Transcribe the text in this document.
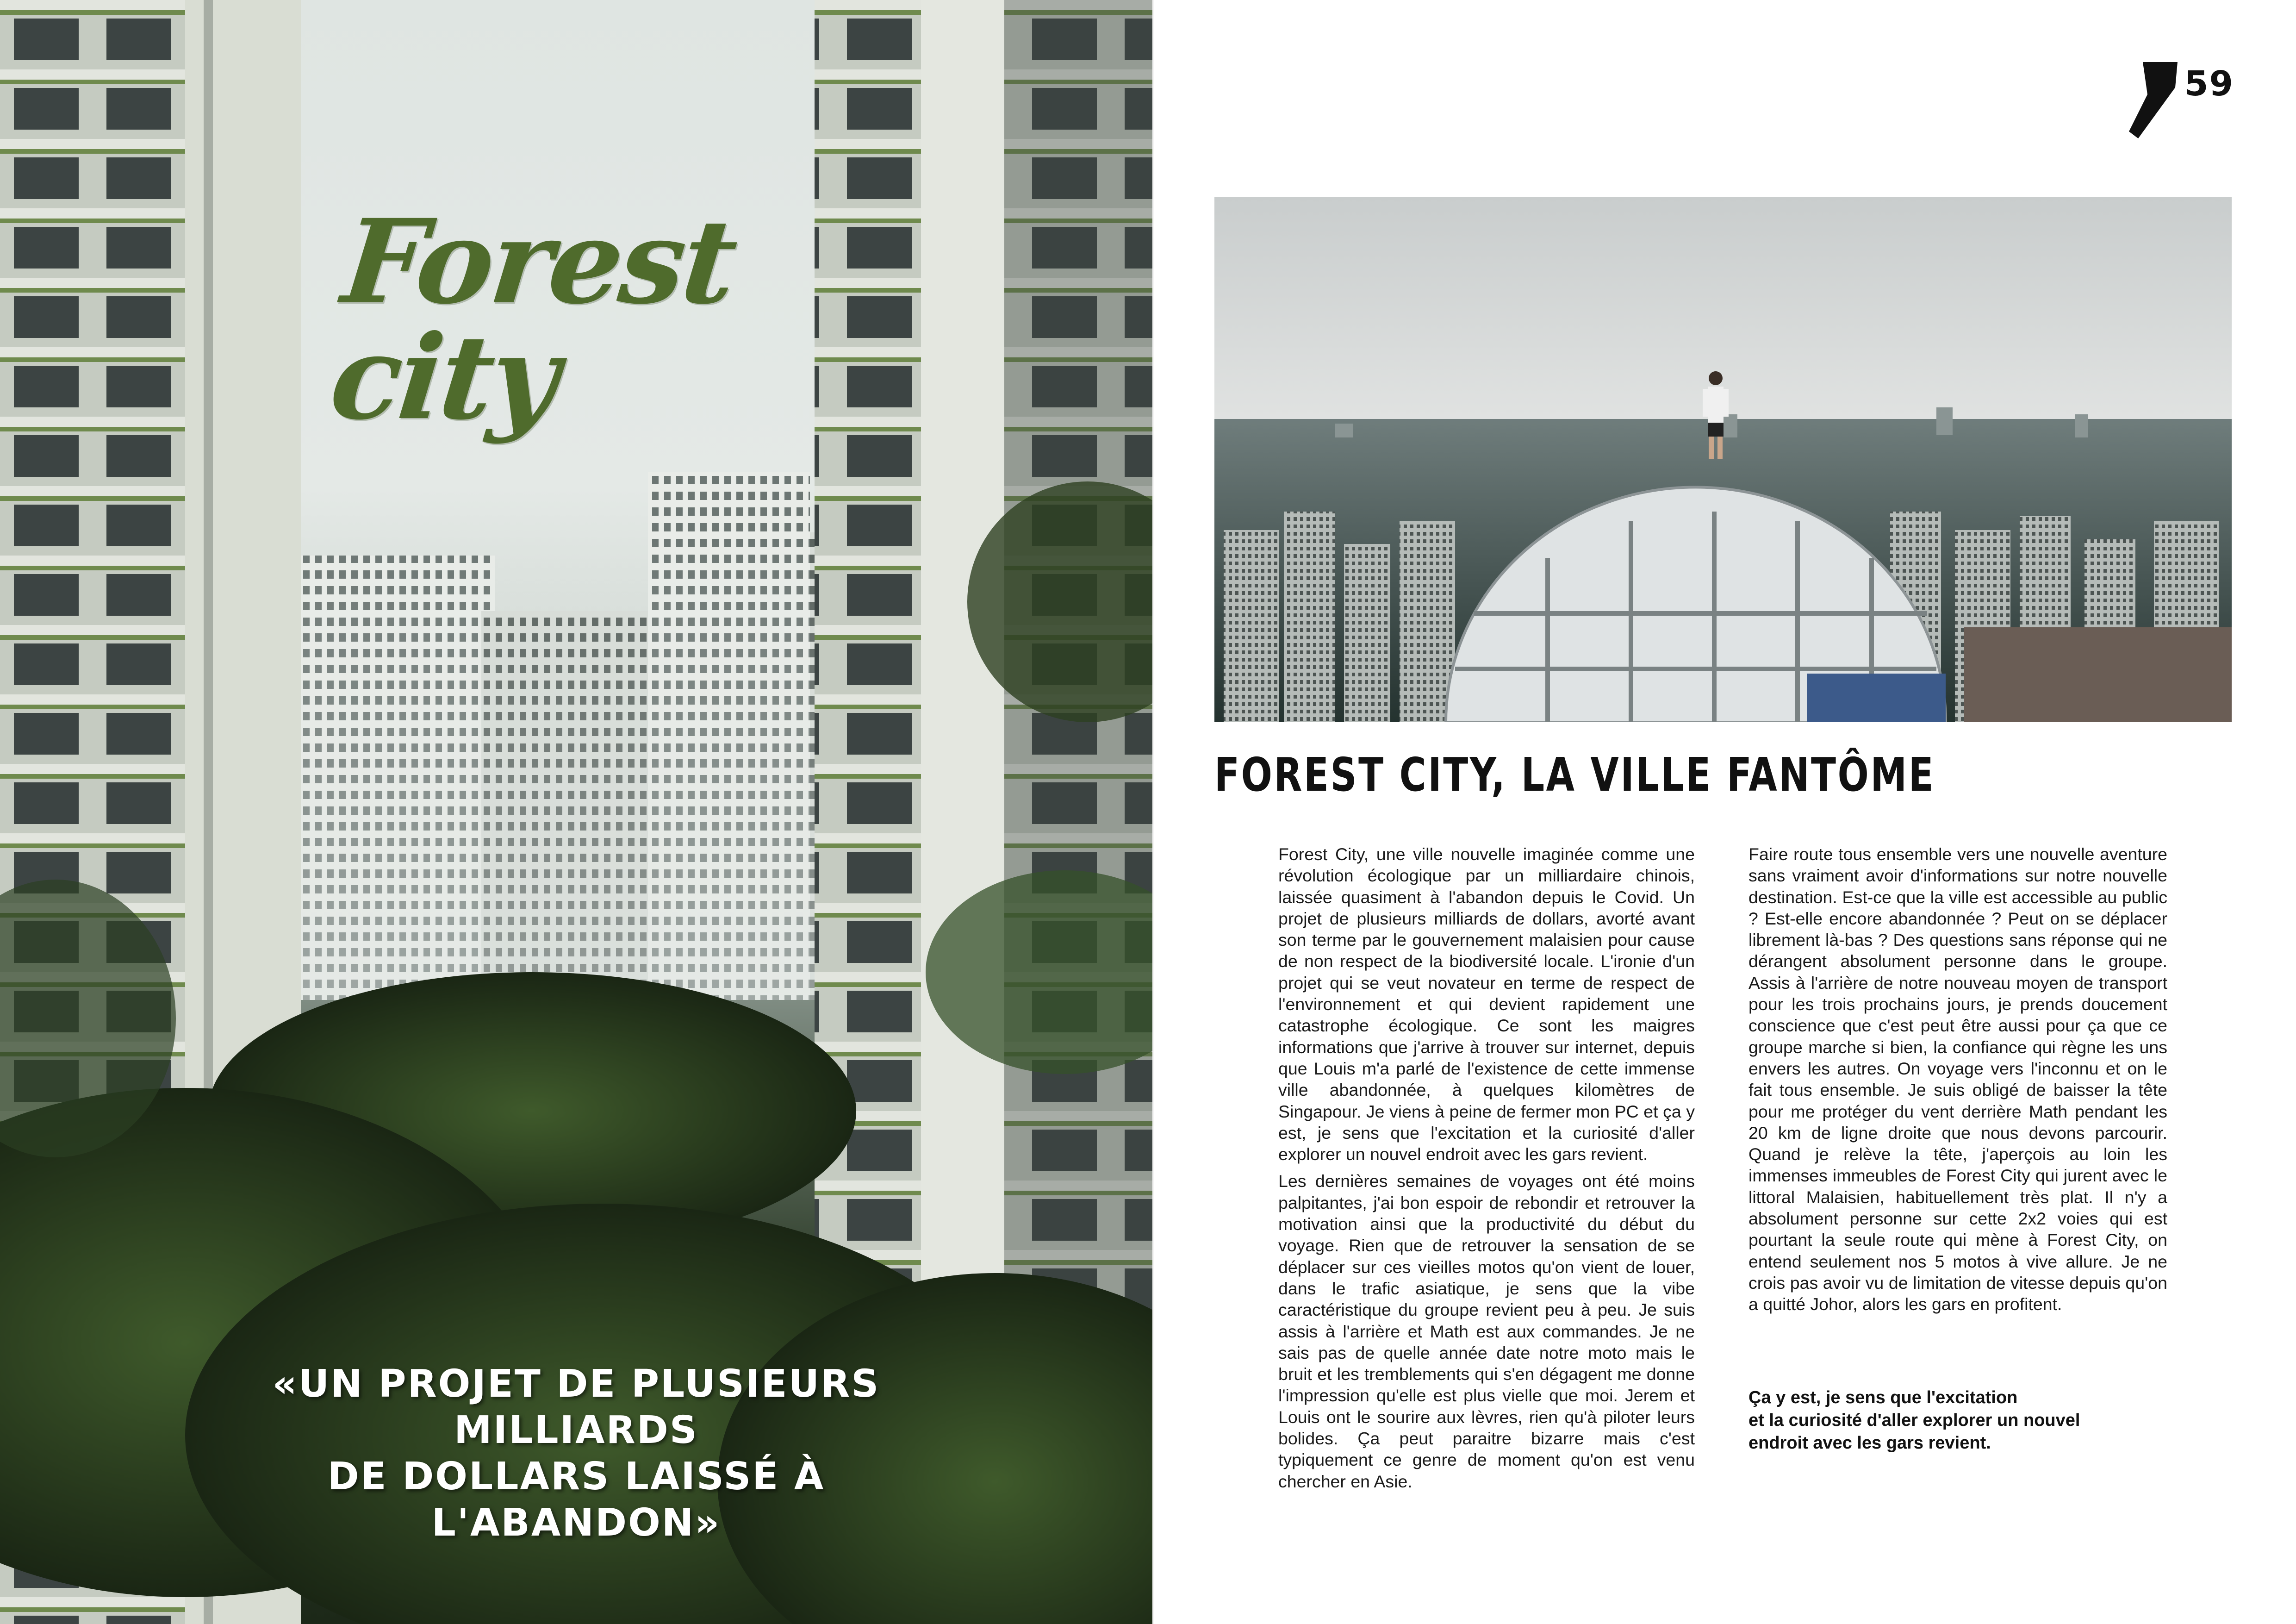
Forest city
«UN PROJET DE PLUSIEURS MILLIARDS
DE DOLLARS LAISSÉ À L'ABANDON»
59
FOREST CITY, LA VILLE FANTÔME

Forest City, une ville nouvelle imaginée comme une révolution écologique par un milliardaire chinois, laissée quasiment à l'abandon depuis le Covid. Un projet de plusieurs milliards de dollars, avorté avant son terme par le gouvernement malaisien pour cause de non respect de la biodiversité locale. L'ironie d'un projet qui se veut novateur en terme de respect de l'environnement et qui devient rapidement une catastrophe écologique. Ce sont les maigres informations que j'arrive à trouver sur internet, depuis que Louis m'a parlé de l'existence de cette immense ville abandonnée, à quelques kilomètres de Singapour. Je viens à peine de fermer mon PC et ça y est, je sens que l'excitation et la curiosité d'aller explorer un nouvel endroit avec les gars revient.

Les dernières semaines de voyages ont été moins palpitantes, j'ai bon espoir de rebondir et retrouver la motivation ainsi que la productivité du début du voyage. Rien que de retrouver la sensation de se déplacer sur ces vieilles motos qu'on vient de louer, dans le trafic asiatique, je sens que la vibe caractéristique du groupe revient peu à peu. Je suis assis à l'arrière et Math est aux commandes. Je ne sais pas de quelle année date notre moto mais le bruit et les tremblements qui s'en dégagent me donne l'impression qu'elle est plus vielle que moi. Jerem et Louis ont le sourire aux lèvres, rien qu'à piloter leurs bolides. Ça peut paraitre bizarre mais c'est typiquement ce genre de moment qu'on est venu chercher en Asie.

Faire route tous ensemble vers une nouvelle aventure sans vraiment avoir d'informations sur notre nouvelle destination. Est-ce que la ville est accessible au public ? Est-elle encore abandonnée ? Peut on se déplacer librement là-bas ? Des questions sans réponse qui ne dérangent absolument personne dans le groupe. Assis à l'arrière de notre nouveau moyen de transport pour les trois prochains jours, je prends doucement conscience que c'est peut être aussi pour ça que ce groupe marche si bien, la confiance qui règne les uns envers les autres. On voyage vers l'inconnu et on le fait tous ensemble. Je suis obligé de baisser la tête pour me protéger du vent derrière Math pendant les 20 km de ligne droite que nous devons parcourir. Quand je relève la tête, j'aperçois au loin les immenses immeubles de Forest City qui jurent avec le littoral Malaisien, habituellement très plat. Il n'y a absolument personne sur cette 2x2 voies qui est pourtant la seule route qui mène à Forest City, on entend seulement nos 5 motos à vive allure. Je ne crois pas avoir vu de limitation de vitesse depuis qu'on a quitté Johor, alors les gars en profitent.

Ça y est, je sens que l'excitation
et la curiosité d'aller explorer un nouvel
endroit avec les gars revient.
